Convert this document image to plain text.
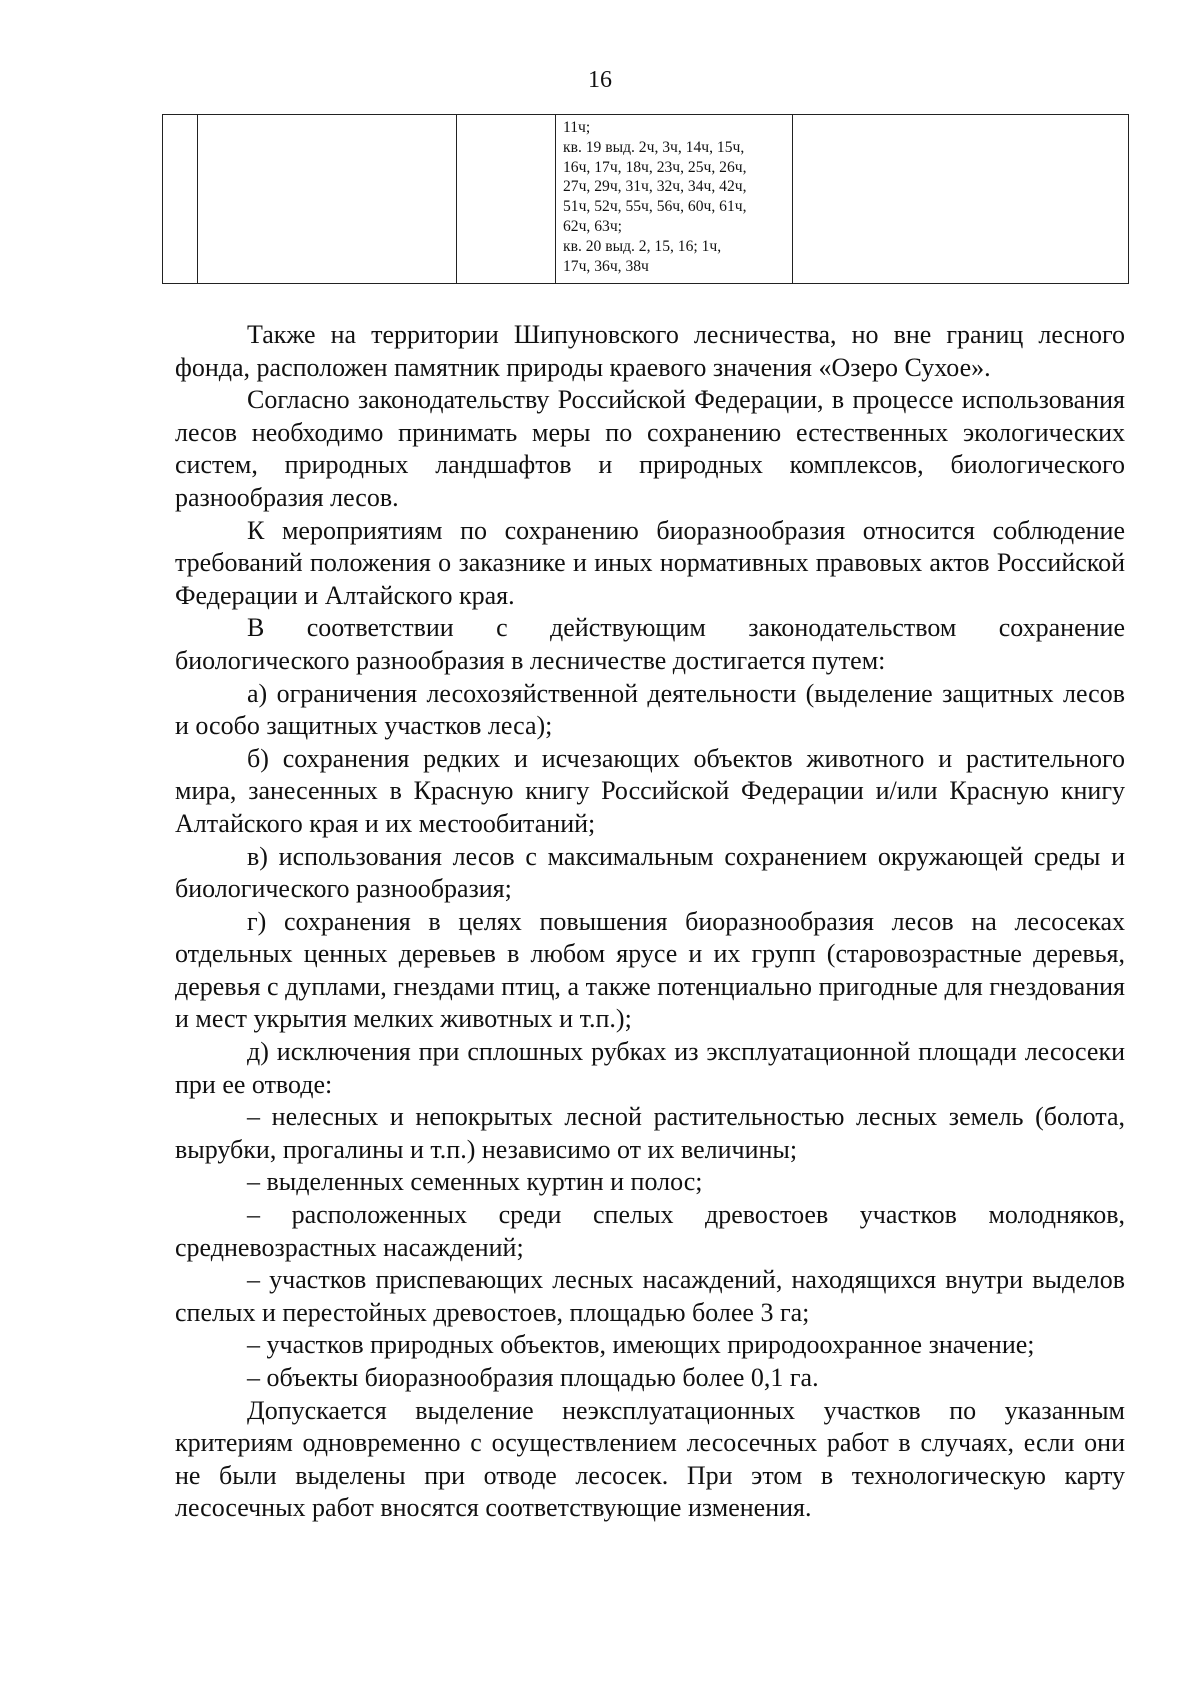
16

11ч;
кв. 19 выд. 2ч, 3ч, 14ч, 15ч,
16ч, 17ч, 18ч, 23ч, 25ч, 26ч,
27ч, 29ч, 31ч, 32ч, 34ч, 42ч,
51ч, 52ч, 55ч, 56ч, 60ч, 61ч,
62ч, 63ч;
кв. 20 выд. 2, 15, 16; 1ч,
17ч, 36ч, 38ч

Также на территории Шипуновского лесничества, но вне границ лесного фонда, расположен памятник природы краевого значения «Озеро Сухое».

Согласно законодательству Российской Федерации, в процессе использования лесов необходимо принимать меры по сохранению естественных экологических систем, природных ландшафтов и природных комплексов, биологического разнообразия лесов.

К мероприятиям по сохранению биоразнообразия относится соблюдение требований положения о заказнике и иных нормативных правовых актов Российской Федерации и Алтайского края.

В соответствии с действующим законодательством сохранение биологического разнообразия в лесничестве достигается путем:

а) ограничения лесохозяйственной деятельности (выделение защитных лесов и особо защитных участков леса);

б) сохранения редких и исчезающих объектов животного и растительного мира, занесенных в Красную книгу Российской Федерации и/или Красную книгу Алтайского края и их местообитаний;

в) использования лесов с максимальным сохранением окружающей среды и биологического разнообразия;

г) сохранения в целях повышения биоразнообразия лесов на лесосеках отдельных ценных деревьев в любом ярусе и их групп (старовозрастные деревья, деревья с дуплами, гнездами птиц, а также потенциально пригодные для гнездования и мест укрытия мелких животных и т.п.);

д) исключения при сплошных рубках из эксплуатационной площади лесосеки при ее отводе:

– нелесных и непокрытых лесной растительностью лесных земель (болота, вырубки, прогалины и т.п.) независимо от их величины;

– выделенных семенных куртин и полос;

– расположенных среди спелых древостоев участков молодняков, средневозрастных насаждений;

– участков приспевающих лесных насаждений, находящихся внутри выделов спелых и перестойных древостоев, площадью более 3 га;

– участков природных объектов, имеющих природоохранное значение;

– объекты биоразнообразия площадью более 0,1 га.

Допускается выделение неэксплуатационных участков по указанным критериям одновременно с осуществлением лесосечных работ в случаях, если они не были выделены при отводе лесосек. При этом в технологическую карту лесосечных работ вносятся соответствующие изменения.
